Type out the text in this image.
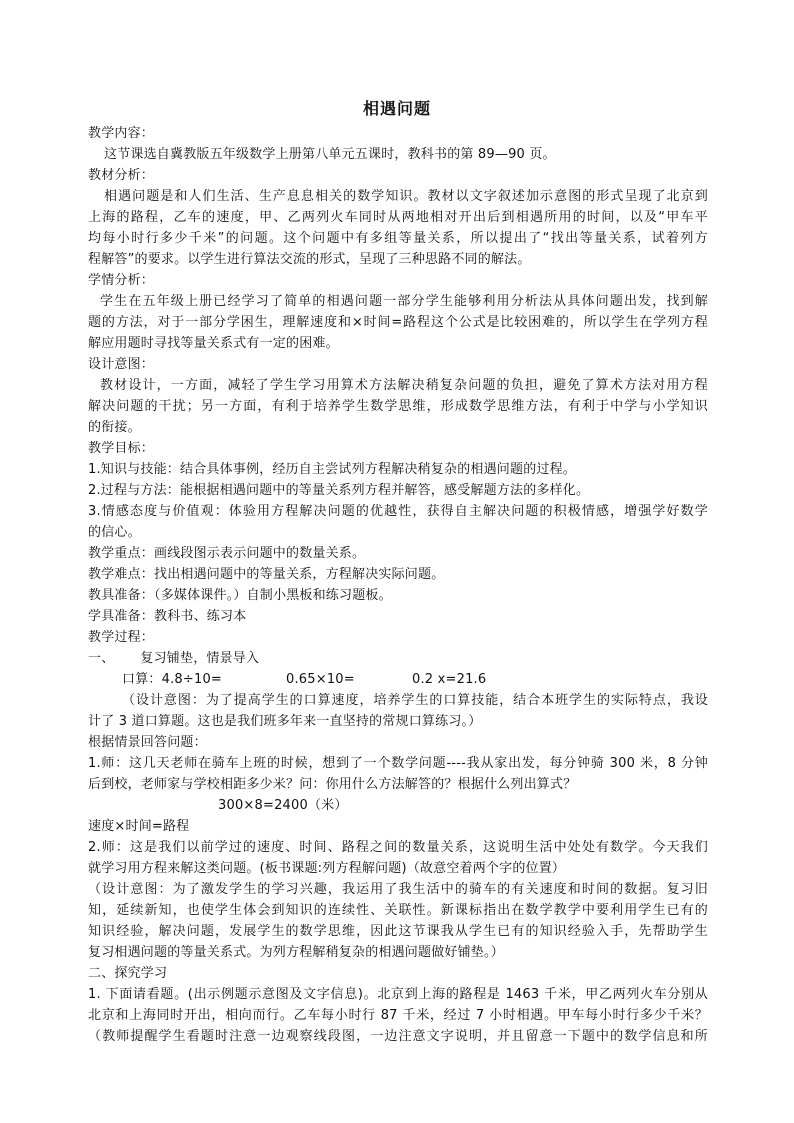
相遇问题
教学内容：
这节课选自冀教版五年级数学上册第八单元五课时，教科书的第 89—90 页。
教材分析：
相遇问题是和人们生活、生产息息相关的数学知识。教材以文字叙述加示意图的形式呈现了北京到
上海的路程，乙车的速度，甲、乙两列火车同时从两地相对开出后到相遇所用的时间，以及“甲车平
均每小时行多少千米”的问题。这个问题中有多组等量关系，所以提出了“找出等量关系，试着列方
程解答”的要求。以学生进行算法交流的形式，呈现了三种思路不同的解法。
学情分析：
学生在五年级上册已经学习了简单的相遇问题一部分学生能够利用分析法从具体问题出发，找到解
题的方法，对于一部分学困生，理解速度和×时间=路程这个公式是比较困难的，所以学生在学列方程
解应用题时寻找等量关系式有一定的困难。
设计意图：
教材设计，一方面，减轻了学生学习用算术方法解决稍复杂问题的负担，避免了算术方法对用方程
解决问题的干扰；另一方面，有利于培养学生数学思维，形成数学思维方法，有利于中学与小学知识
的衔接。
教学目标：
1.知识与技能：结合具体事例，经历自主尝试列方程解决稍复杂的相遇问题的过程。
2.过程与方法：能根据相遇问题中的等量关系列方程并解答，感受解题方法的多样化。
3.情感态度与价值观：体验用方程解决问题的优越性，获得自主解决问题的积极情感，增强学好数学
的信心。
教学重点：画线段图示表示问题中的数量关系。
教学难点：找出相遇问题中的等量关系，方程解决实际问题。
教具准备：（多媒体课件。）自制小黑板和练习题板。
学具准备：教科书、练习本
教学过程：
一、      复习铺垫，情景导入
口算：4.8÷10=	0.65×10=	0.2 x=21.6
（设计意图：为了提高学生的口算速度，培养学生的口算技能，结合本班学生的实际特点，我设
计了 3 道口算题。这也是我们班多年来一直坚持的常规口算练习。）
根据情景回答问题：
1.师：这几天老师在骑车上班的时候，想到了一个数学问题----我从家出发，每分钟骑 300 米，8 分钟
后到校，老师家与学校相距多少米？问：你用什么方法解答的？根据什么列出算式？
300×8=2400（米）
速度×时间=路程
2.师：这是我们以前学过的速度、时间、路程之间的数量关系，这说明生活中处处有数学。今天我们
就学习用方程来解这类问题。(板书课题:列方程解问题)（故意空着两个字的位置）
（设计意图：为了激发学生的学习兴趣，我运用了我生活中的骑车的有关速度和时间的数据。复习旧
知，延续新知，也使学生体会到知识的连续性、关联性。新课标指出在数学教学中要利用学生已有的
知识经验，解决问题，发展学生的数学思维，因此这节课我从学生已有的知识经验入手，先帮助学生
复习相遇问题的等量关系式。为列方程解稍复杂的相遇问题做好铺垫。）
二、探究学习
1. 下面请看题。(出示例题示意图及文字信息)。北京到上海的路程是 1463 千米，甲乙两列火车分别从
北京和上海同时开出，相向而行。乙车每小时行 87 千米，经过 7 小时相遇。甲车每小时行多少千米？
（教师提醒学生看题时注意一边观察线段图，一边注意文字说明，并且留意一下题中的数学信息和所
